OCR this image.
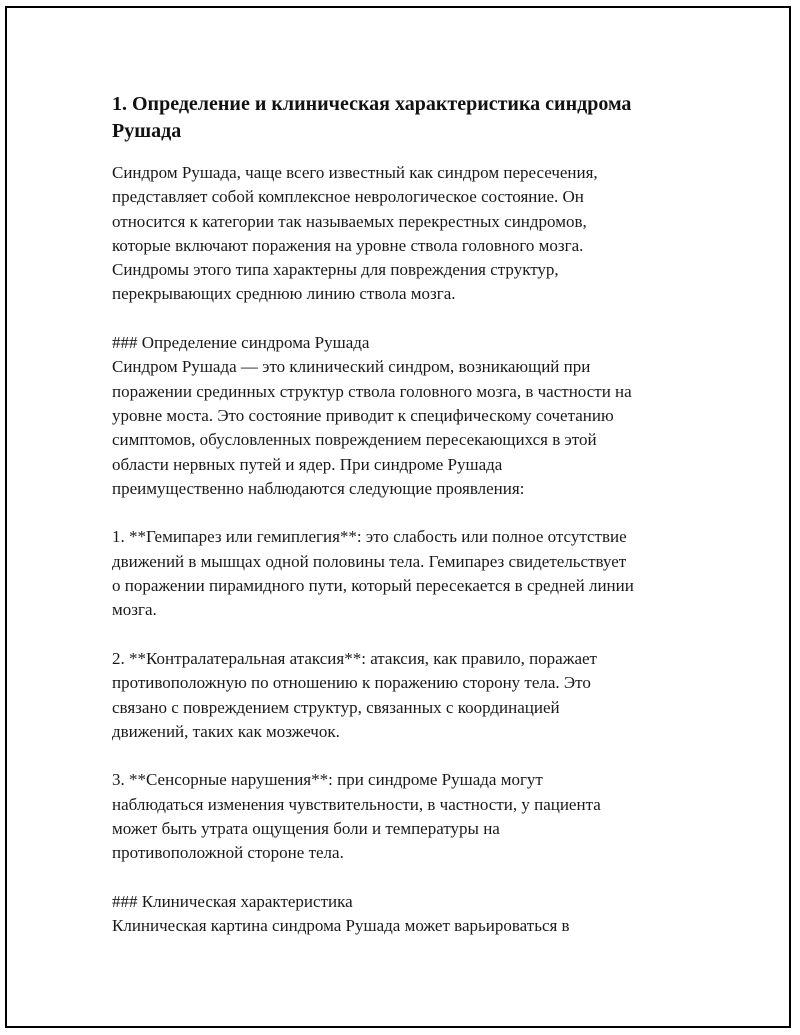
1. Определение и клиническая характеристика синдрома Рушада

Синдром Рушада, чаще всего известный как синдром пересечения,
представляет собой комплексное неврологическое состояние. Он
относится к категории так называемых перекрестных синдромов,
которые включают поражения на уровне ствола головного мозга.
Синдромы этого типа характерны для повреждения структур,
перекрывающих среднюю линию ствола мозга.

### Определение синдрома Рушада

Синдром Рушада — это клинический синдром, возникающий при
поражении срединных структур ствола головного мозга, в частности на
уровне моста. Это состояние приводит к специфическому сочетанию
симптомов, обусловленных повреждением пересекающихся в этой
области нервных путей и ядер. При синдроме Рушада
преимущественно наблюдаются следующие проявления:

1. **Гемипарез или гемиплегия**: это слабость или полное отсутствие
движений в мышцах одной половины тела. Гемипарез свидетельствует
о поражении пирамидного пути, который пересекается в средней линии
мозга.

2. **Контралатеральная атаксия**: атаксия, как правило, поражает
противоположную по отношению к поражению сторону тела. Это
связано с повреждением структур, связанных с координацией
движений, таких как мозжечок.

3. **Сенсорные нарушения**: при синдроме Рушада могут
наблюдаться изменения чувствительности, в частности, у пациента
может быть утрата ощущения боли и температуры на
противоположной стороне тела.

### Клиническая характеристика

Клиническая картина синдрома Рушада может варьироваться в
